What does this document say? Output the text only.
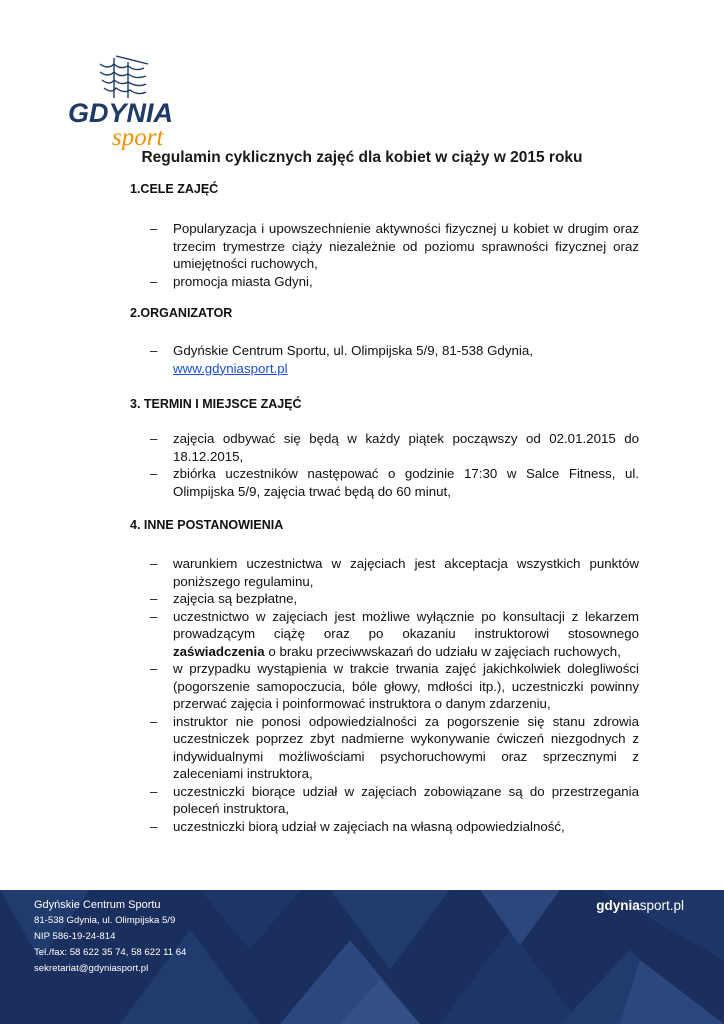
GDYNIA
sport
Regulamin cyklicznych zajęć dla kobiet w ciąży w 2015 roku
1.CELE ZAJĘĆ
– Popularyzacja i upowszechnienie aktywności fizycznej u kobiet w drugim oraz trzecim trymestrze ciąży niezależnie od poziomu sprawności fizycznej oraz umiejętności ruchowych,
– promocja miasta Gdyni,
2.ORGANIZATOR
– Gdyńskie Centrum Sportu, ul. Olimpijska 5/9, 81-538 Gdynia,
www.gdyniasport.pl
3. TERMIN I MIEJSCE ZAJĘĆ
– zajęcia odbywać się będą w każdy piątek począwszy od 02.01.2015 do 18.12.2015,
– zbiórka uczestników następować o godzinie 17:30 w Salce Fitness, ul. Olimpijska 5/9, zajęcia trwać będą do 60 minut,
4. INNE POSTANOWIENIA
– warunkiem uczestnictwa w zajęciach jest akceptacja wszystkich punktów poniższego regulaminu,
– zajęcia są bezpłatne,
– uczestnictwo w zajęciach jest możliwe wyłącznie po konsultacji z lekarzem prowadzącym ciążę oraz po okazaniu instruktorowi stosownego zaświadczenia o braku przeciwwskazań do udziału w zajęciach ruchowych,
– w przypadku wystąpienia w trakcie trwania zajęć jakichkolwiek dolegliwości (pogorszenie samopoczucia, bóle głowy, mdłości itp.), uczestniczki powinny przerwać zajęcia i poinformować instruktora o danym zdarzeniu,
– instruktor nie ponosi odpowiedzialności za pogorszenie się stanu zdrowia uczestniczek poprzez zbyt nadmierne wykonywanie ćwiczeń niezgodnych z indywidualnymi możliwościami psychoruchowymi oraz sprzecznymi z zaleceniami instruktora,
– uczestniczki biorące udział w zajęciach zobowiązane są do przestrzegania poleceń instruktora,
– uczestniczki biorą udział w zajęciach na własną odpowiedzialność,
Gdyńskie Centrum Sportu
81-538 Gdynia, ul. Olimpijska 5/9
NIP 586-19-24-814
Tel./fax: 58 622 35 74, 58 622 11 64
sekretariat@gdyniasport.pl
gdyniasport.pl
